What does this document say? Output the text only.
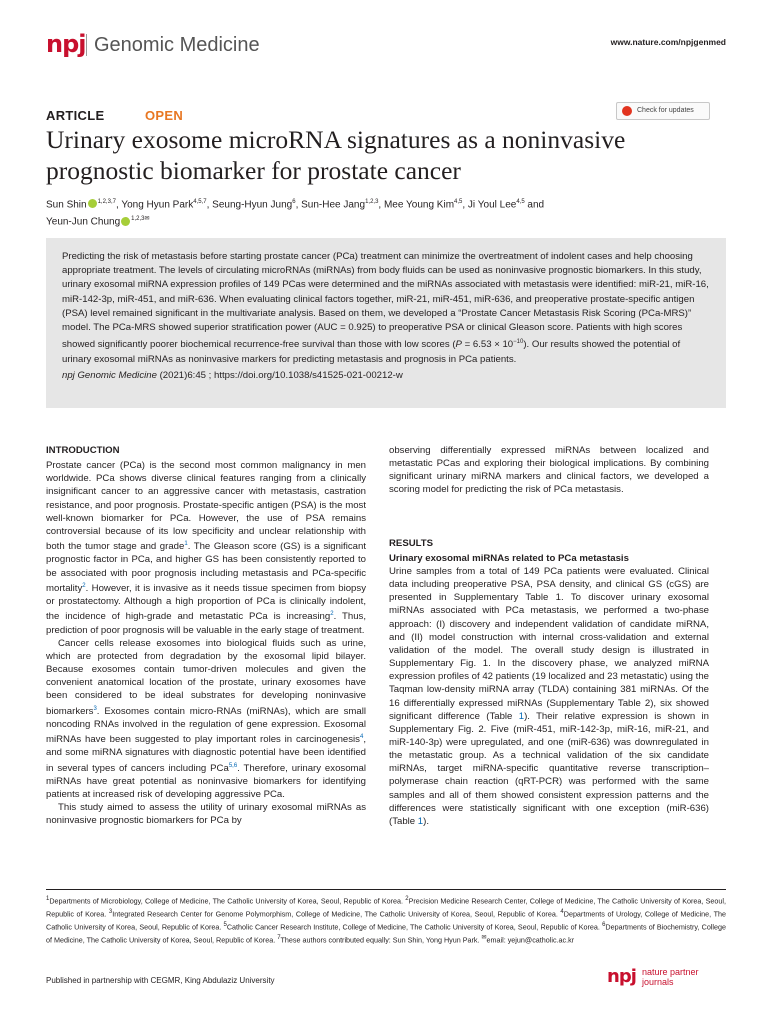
npj Genomic Medicine	www.nature.com/npjgenmed
ARTICLE	OPEN	Check for updates
Urinary exosome microRNA signatures as a noninvasive prognostic biomarker for prostate cancer
Sun Shin $^{1,2,3,7}$, Yong Hyun Park$^{4,5,7}$, Seung-Hyun Jung$^6$, Sun-Hee Jang$^{1,2,3}$, Mee Young Kim$^{4,5}$, Ji Youl Lee$^{4,5}$ and
Yeun-Jun Chung $^{1,2,3✉}$

Predicting the risk of metastasis before starting prostate cancer (PCa) treatment can minimize the overtreatment of indolent cases and help choosing appropriate treatment. The levels of circulating microRNAs (miRNAs) from body fluids can be used as noninvasive prognostic biomarkers. In this study, urinary exosomal miRNA expression profiles of 149 PCas were determined and the miRNAs associated with metastasis were identified: miR-21, miR-16, miR-142-3p, miR-451, and miR-636. When evaluating clinical factors together, miR-21, miR-451, miR-636, and preoperative prostate-specific antigen (PSA) level remained significant in the multivariate analysis. Based on them, we developed a “Prostate Cancer Metastasis Risk Scoring (PCa-MRS)” model. The PCa-MRS showed superior stratification power (AUC = 0.925) to preoperative PSA or clinical Gleason score. Patients with high scores showed significantly poorer biochemical recurrence-free survival than those with low scores $(P = 6.53 \times 10^{-10})$. Our results showed the potential of urinary exosomal miRNAs as noninvasive markers for predicting metastasis and prognosis in PCa patients.

npj Genomic Medicine (2021)6:45 ; https://doi.org/10.1038/s41525-021-00212-w

INTRODUCTION

Prostate cancer (PCa) is the second most common malignancy in men worldwide. PCa shows diverse clinical features ranging from a clinically insignificant cancer to an aggressive cancer with metastasis, castration resistance, and poor prognosis. Prostate-specific antigen (PSA) is the most well-known biomarker for PCa. However, the use of PSA remains controversial because of its low specificity and unclear relationship with both the tumor stage and grade$^1$. The Gleason score (GS) is a significant prognostic factor in PCa, and higher GS has been consistently reported to be associated with poor prognosis including metastasis and PCa-specific mortality$^2$. However, it is invasive as it needs tissue specimen from biopsy or prostatectomy. Although a high proportion of PCa is clinically indolent, the incidence of high-grade and metastatic PCa is increasing$^2$. Thus, prediction of poor prognosis will be valuable in the early stage of treatment.

Cancer cells release exosomes into biological fluids such as urine, which are protected from degradation by the exosomal lipid bilayer. Because exosomes contain tumor-driven molecules and given the convenient anatomical location of the prostate, urinary exosomes have been considered to be ideal substrates for developing noninvasive biomarkers$^3$. Exosomes contain micro-RNAs (miRNAs), which are small noncoding RNAs involved in the regulation of gene expression. Exosomal miRNAs have been suggested to play important roles in carcinogenesis$^4$, and some miRNA signatures with diagnostic potential have been identified in several types of cancers including PCa$^{5,6}$. Therefore, urinary exosomal miRNAs have great potential as noninvasive biomarkers for identifying patients at increased risk of developing aggressive PCa.

This study aimed to assess the utility of urinary exosomal miRNAs as noninvasive prognostic biomarkers for PCa by

observing differentially expressed miRNAs between localized and metastatic PCas and exploring their biological implications. By combining significant urinary miRNA markers and clinical factors, we developed a scoring model for predicting the risk of PCa metastasis.

RESULTS
Urinary exosomal miRNAs related to PCa metastasis

Urine samples from a total of 149 PCa patients were evaluated. Clinical data including preoperative PSA, PSA density, and clinical GS (cGS) are presented in Supplementary Table 1. To discover urinary exosomal miRNAs associated with PCa metastasis, we performed a two-phase approach: (I) discovery and independent validation of candidate miRNA, and (II) model construction with internal cross-validation and external validation of the model. The overall study design is illustrated in Supplementary Fig. 1. In the discovery phase, we analyzed miRNA expression profiles of 42 patients (19 localized and 23 metastatic) using the Taqman low-density miRNA array (TLDA) containing 381 miRNAs. Of the 16 differentially expressed miRNAs (Supplementary Table 2), six showed significant difference (Table 1). Their relative expression is shown in Supplementary Fig. 2. Five (miR-451, miR-142-3p, miR-16, miR-21, and miR-140-3p) were upregulated, and one (miR-636) was downregulated in the metastatic group. As a technical validation of the six candidate miRNAs, target miRNA-specific quantitative reverse transcription–polymerase chain reaction (qRT-PCR) was performed with the same samples and all of them showed consistent expression patterns and the differences were statistically significant with one exception (miR-636) (Table 1).

$^1$Departments of Microbiology, College of Medicine, The Catholic University of Korea, Seoul, Republic of Korea. $^2$Precision Medicine Research Center, College of Medicine, The Catholic University of Korea, Seoul, Republic of Korea. $^3$Integrated Research Center for Genome Polymorphism, College of Medicine, The Catholic University of Korea, Seoul, Republic of Korea. $^4$Departments of Urology, College of Medicine, The Catholic University of Korea, Seoul, Republic of Korea. $^5$Catholic Cancer Research Institute, College of Medicine, The Catholic University of Korea, Seoul, Republic of Korea. $^6$Departments of Biochemistry, College of Medicine, The Catholic University of Korea, Seoul, Republic of Korea. $^7$These authors contributed equally: Sun Shin, Yong Hyun Park. ✉email: yejun@catholic.ac.kr
Published in partnership with CEGMR, King Abdulaziz University	npj nature partner
journals
